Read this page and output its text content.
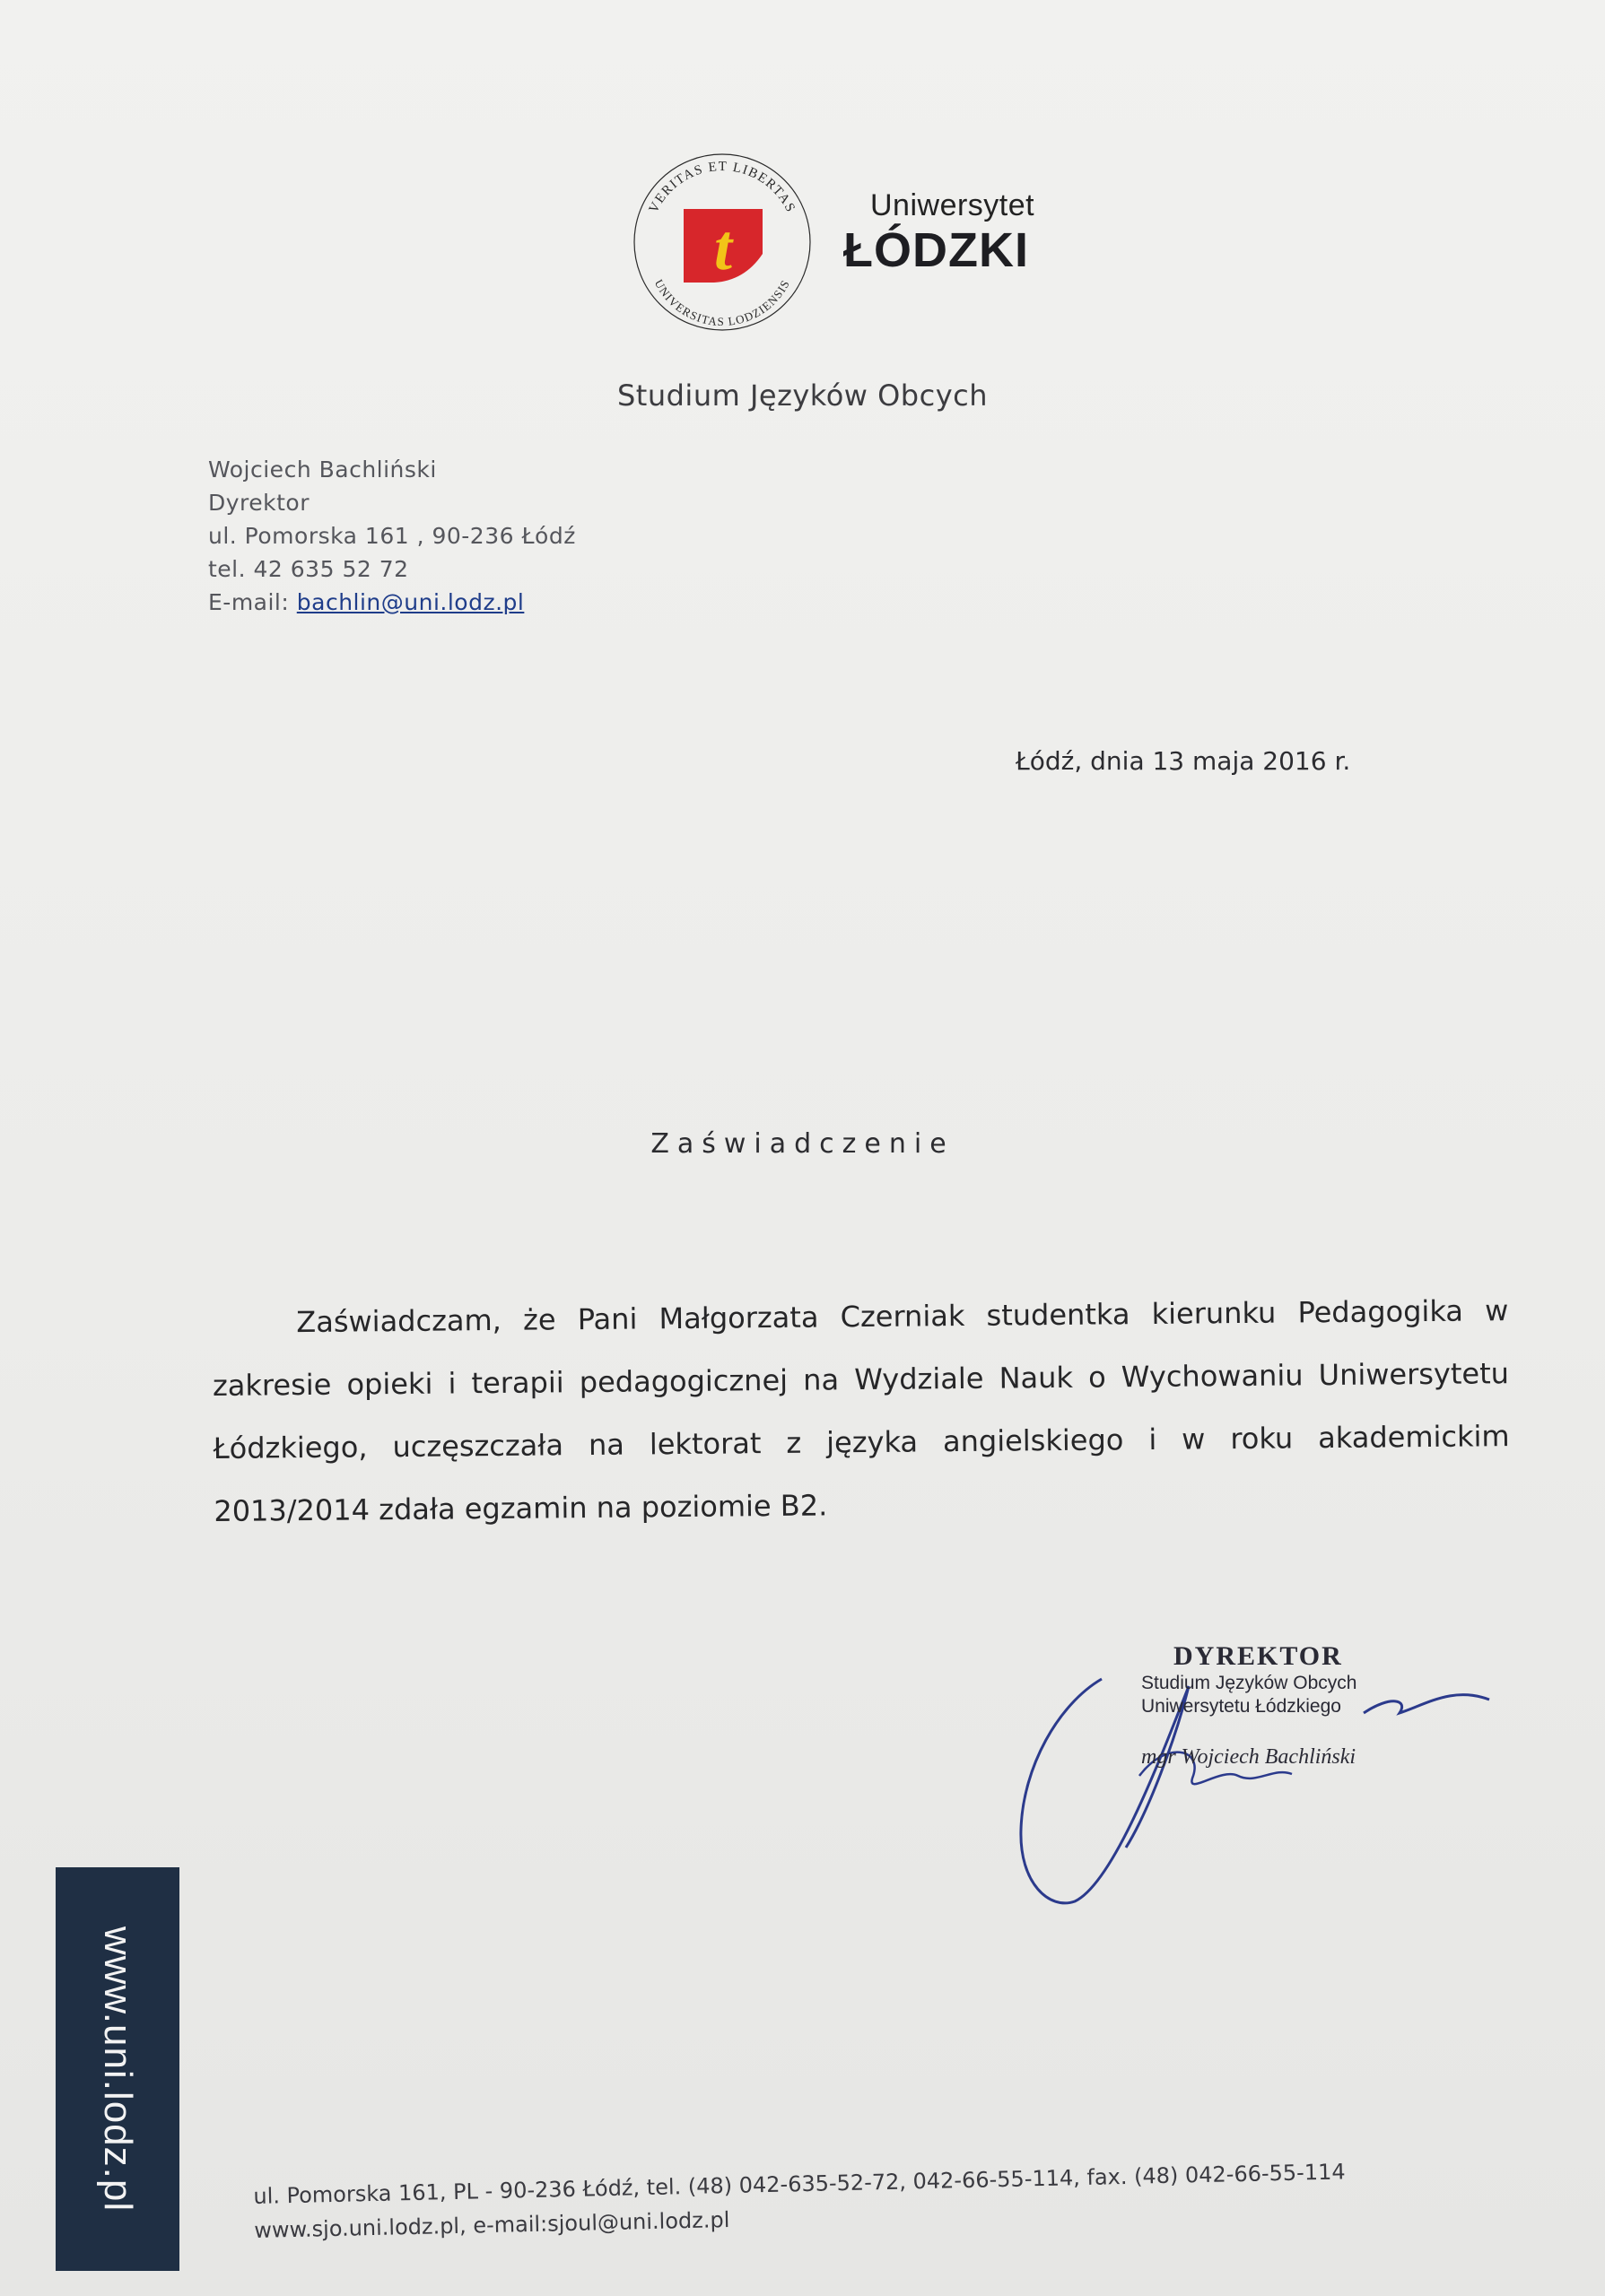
VERITAS ET LIBERTAS
UNIVERSITAS LODZIENSIS
t
Uniwersytet
ŁÓDZKI
Studium Języków Obcych
Wojciech Bachliński
Dyrektor
ul. Pomorska 161 , 90-236 Łódź
tel. 42 635 52 72
E-mail: bachlin@uni.lodz.pl
Łódź, dnia 13 maja 2016 r.
Zaświadczenie

Zaświadczam, że Pani Małgorzata Czerniak studentka kierunku Pedagogika w zakresie opieki i terapii pedagogicznej na Wydziale Nauk o Wychowaniu Uniwersytetu Łódzkiego, uczęszczała na lektorat z języka angielskiego i w roku akademickim 2013/2014 zdała egzamin na poziomie B2.

DYREKTOR
Studium Języków Obcych
Uniwersytetu Łódzkiego
mgr Wojciech Bachliński
www.uni.lodz.pl	ul. Pomorska 161, PL - 90-236 Łódź, tel. (48) 042-635-52-72, 042-66-55-114, fax. (48) 042-66-55-114
www.sjo.uni.lodz.pl, e-mail:sjoul@uni.lodz.pl
